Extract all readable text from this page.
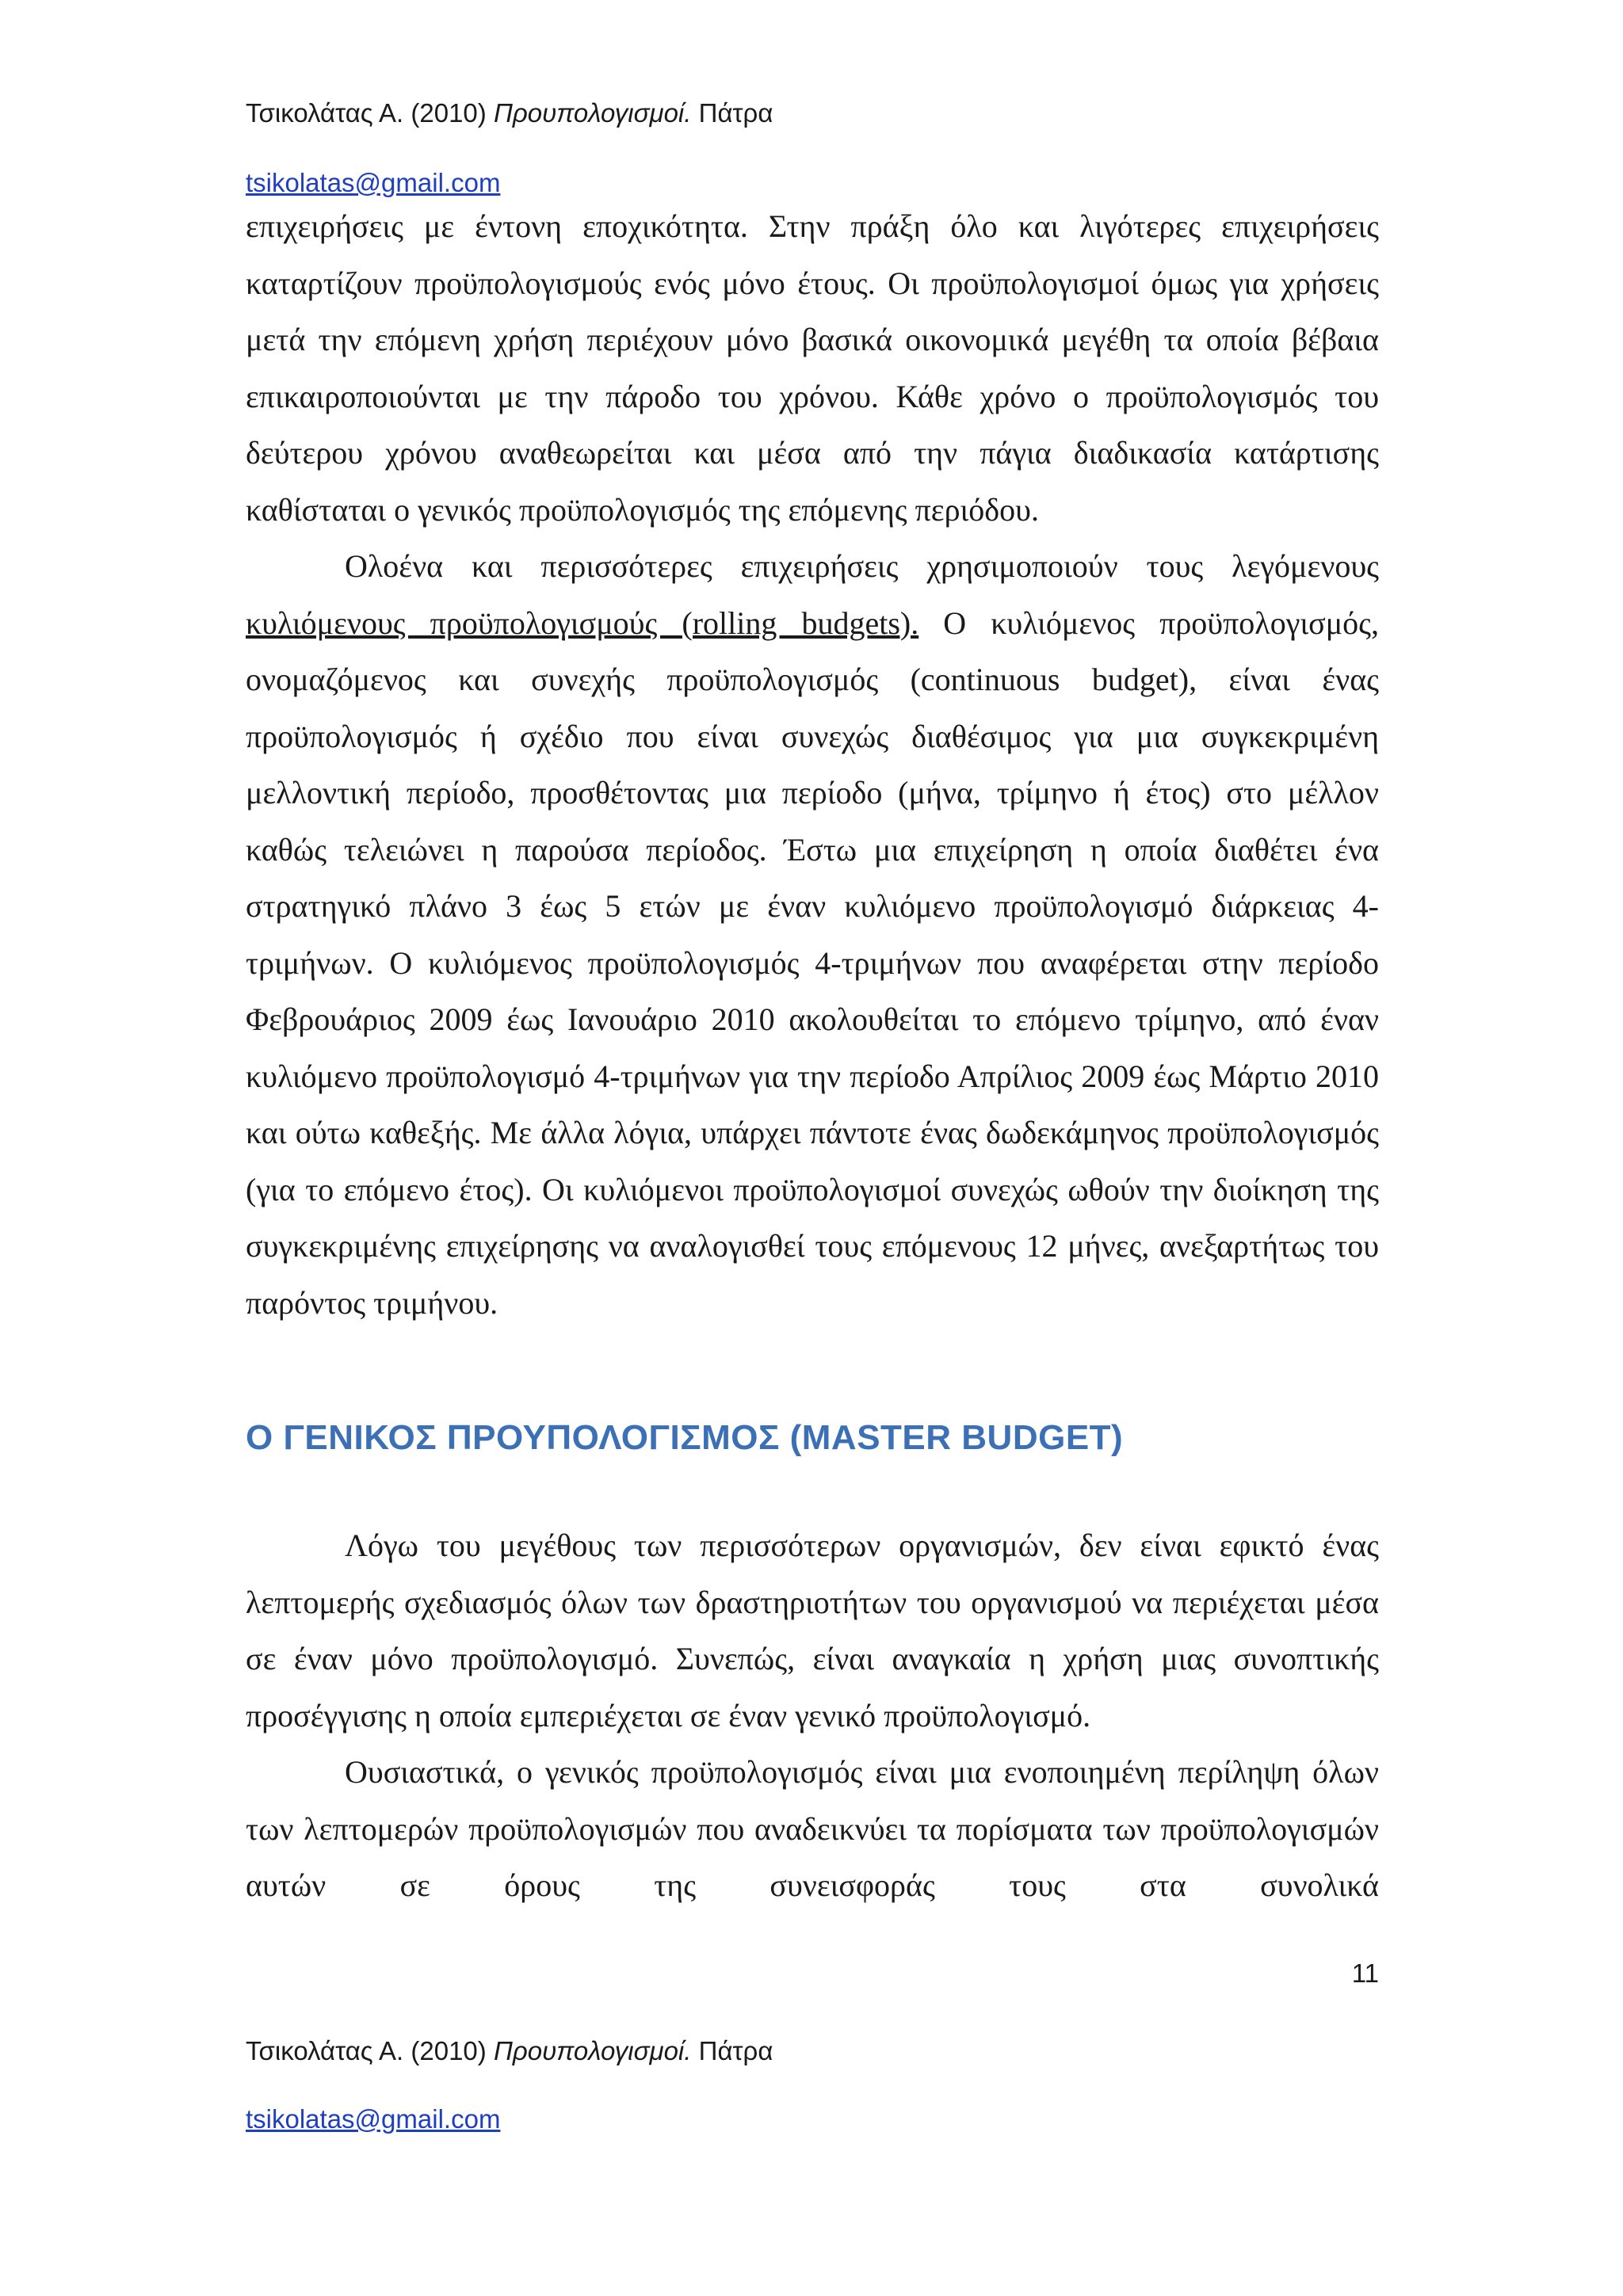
Τσικολάτας Α. (2010) Προυπολογισμοί. Πάτρα
tsikolatas@gmail.com

επιχειρήσεις με έντονη εποχικότητα. Στην πράξη όλο και λιγότερες επιχειρήσεις καταρτίζουν προϋπολογισμούς ενός μόνο έτους. Οι προϋπολογισμοί όμως για χρήσεις μετά την επόμενη χρήση περιέχουν μόνο βασικά οικονομικά μεγέθη τα οποία βέβαια επικαιροποιούνται με την πάροδο του χρόνου. Κάθε χρόνο ο προϋπολογισμός του δεύτερου χρόνου αναθεωρείται και μέσα από την πάγια διαδικασία κατάρτισης καθίσταται ο γενικός προϋπολογισμός της επόμενης περιόδου.

Ολοένα και περισσότερες επιχειρήσεις χρησιμοποιούν τους λεγόμενους κυλιόμενους προϋπολογισμούς (rolling budgets). Ο κυλιόμενος προϋπολογισμός, ονομαζόμενος και συνεχής προϋπολογισμός (continuous budget), είναι ένας προϋπολογισμός ή σχέδιο που είναι συνεχώς διαθέσιμος για μια συγκεκριμένη μελλοντική περίοδο, προσθέτοντας μια περίοδο (μήνα, τρίμηνο ή έτος) στο μέλλον καθώς τελειώνει η παρούσα περίοδος. Έστω μια επιχείρηση η οποία διαθέτει ένα στρατηγικό πλάνο 3 έως 5 ετών με έναν κυλιόμενο προϋπολογισμό διάρκειας 4-τριμήνων. Ο κυλιόμενος προϋπολογισμός 4-τριμήνων που αναφέρεται στην περίοδο Φεβρουάριος 2009 έως Ιανουάριο 2010 ακολουθείται το επόμενο τρίμηνο, από έναν κυλιόμενο προϋπολογισμό 4-τριμήνων για την περίοδο Απρίλιος 2009 έως Μάρτιο 2010 και ούτω καθεξής. Με άλλα λόγια, υπάρχει πάντοτε ένας δωδεκάμηνος προϋπολογισμός (για το επόμενο έτος). Οι κυλιόμενοι προϋπολογισμοί συνεχώς ωθούν την διοίκηση της συγκεκριμένης επιχείρησης να αναλογισθεί τους επόμενους 12 μήνες, ανεξαρτήτως του παρόντος τριμήνου.

Ο ΓΕΝΙΚΟΣ ΠΡΟΥΠΟΛΟΓΙΣΜΟΣ (MASTER BUDGET)

Λόγω του μεγέθους των περισσότερων οργανισμών, δεν είναι εφικτό ένας λεπτομερής σχεδιασμός όλων των δραστηριοτήτων του οργανισμού να περιέχεται μέσα σε έναν μόνο προϋπολογισμό. Συνεπώς, είναι αναγκαία η χρήση μιας συνοπτικής προσέγγισης η οποία εμπεριέχεται σε έναν γενικό προϋπολογισμό.

Ουσιαστικά, ο γενικός προϋπολογισμός είναι μια ενοποιημένη περίληψη όλων των λεπτομερών προϋπολογισμών που αναδεικνύει τα πορίσματα των προϋπολογισμών αυτών σε όρους της συνεισφοράς τους στα συνολικά

11
Τσικολάτας Α. (2010) Προυπολογισμοί. Πάτρα
tsikolatas@gmail.com
